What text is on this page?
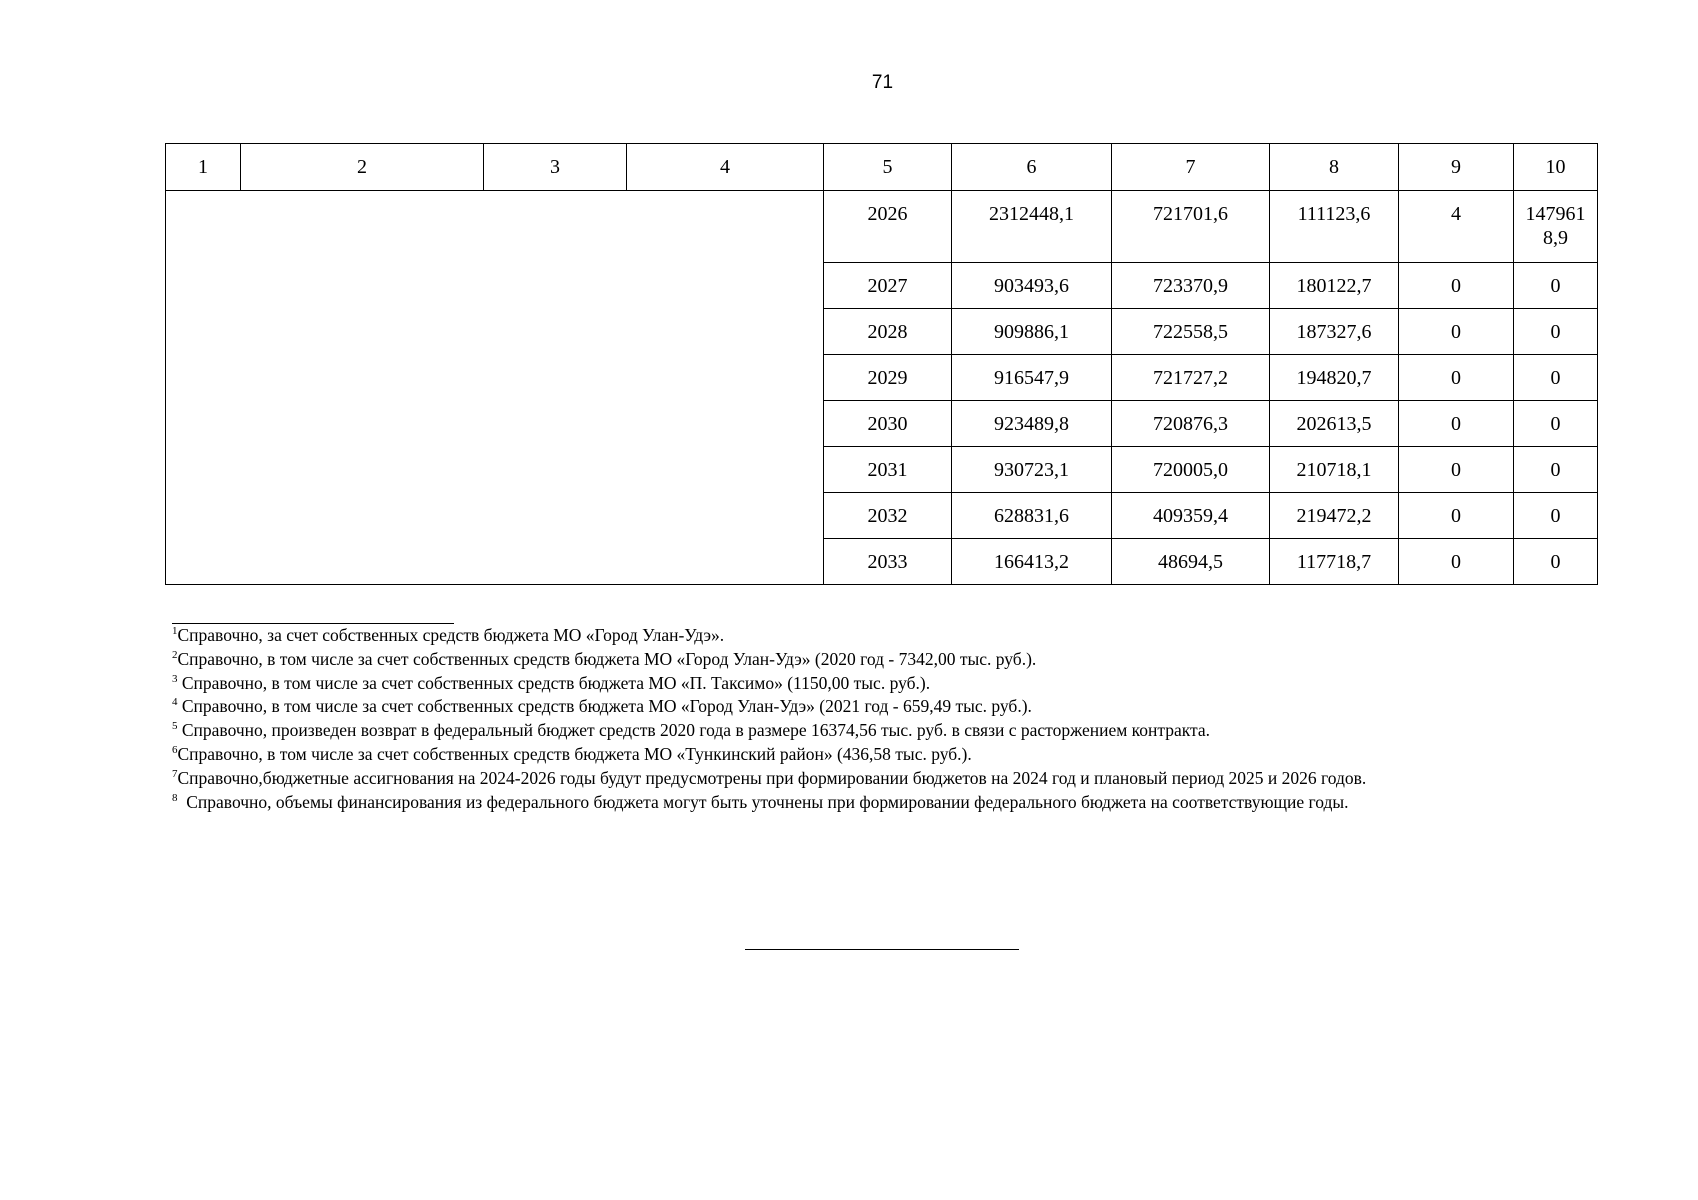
71
1	2	3	4	5	6	7	8	9	10
				2026	2312448,1	721701,6	111123,6	4	147961
8,9
				2027	903493,6	723370,9	180122,7	0	0
				2028	909886,1	722558,5	187327,6	0	0
				2029	916547,9	721727,2	194820,7	0	0
				2030	923489,8	720876,3	202613,5	0	0
				2031	930723,1	720005,0	210718,1	0	0
				2032	628831,6	409359,4	219472,2	0	0
				2033	166413,2	48694,5	117718,7	0	0
$^1$Справочно, за счет собственных средств бюджета МО «Город Улан-Удэ».
$^2$Справочно, в том числе за счет собственных средств бюджета МО «Город Улан-Удэ» (2020 год - 7342,00 тыс. руб.).
$^3$ Справочно, в том числе за счет собственных средств бюджета МО «П. Таксимо» (1150,00 тыс. руб.).
$^4$ Справочно, в том числе за счет собственных средств бюджета МО «Город Улан-Удэ» (2021 год - 659,49 тыс. руб.).
$^5$ Справочно, произведен возврат в федеральный бюджет средств 2020 года в размере 16374,56 тыс. руб. в связи с расторжением контракта.
$^6$Справочно, в том числе за счет собственных средств бюджета МО «Тункинский район» (436,58 тыс. руб.).
$^7$Справочно,бюджетные ассигнования на 2024-2026 годы будут предусмотрены при формировании бюджетов на 2024 год и плановый период 2025 и 2026 годов.
$^8$  Справочно, объемы финансирования из федерального бюджета могут быть уточнены при формировании федерального бюджета на соответствующие годы.
